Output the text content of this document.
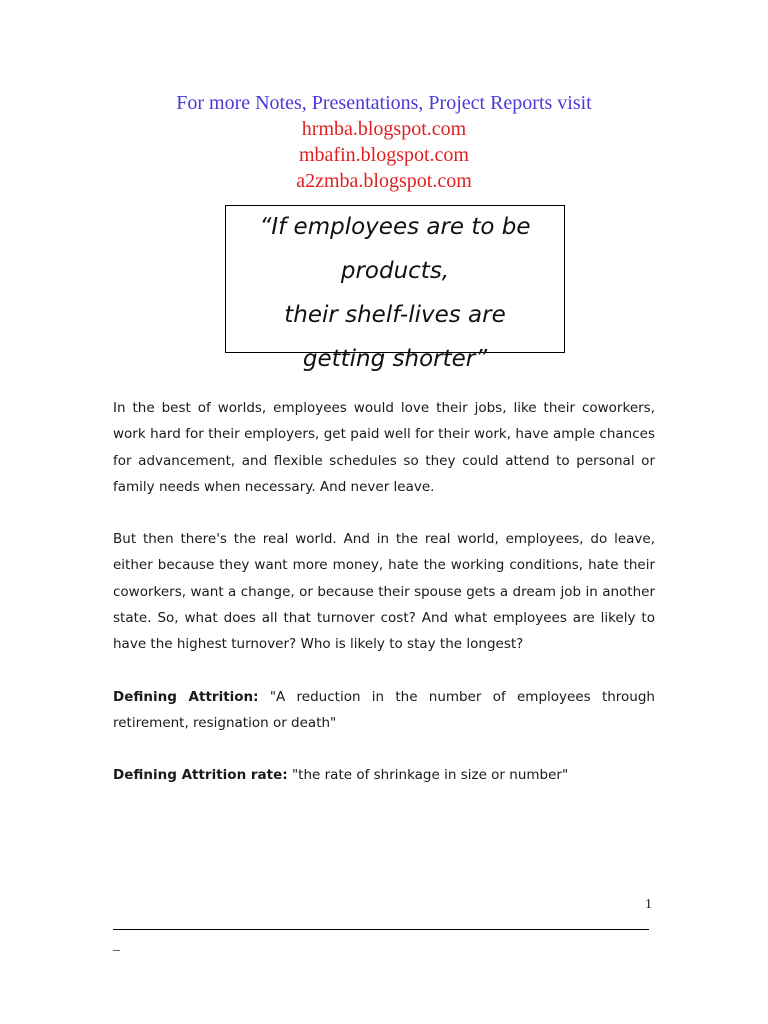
For more Notes, Presentations, Project Reports visit
hrmba.blogspot.com
mbafin.blogspot.com
a2zmba.blogspot.com
“If employees are to be
products,
their shelf-lives are
getting shorter”

In the best of worlds, employees would love their jobs, like their coworkers, work hard for their employers, get paid well for their work, have ample chances for advancement, and flexible schedules so they could attend to personal or family needs when necessary. And never leave.

But then there's the real world. And in the real world, employees, do leave, either because they want more money, hate the working conditions, hate their coworkers, want a change, or because their spouse gets a dream job in another state. So, what does all that turnover cost? And what employees are likely to have the highest turnover? Who is likely to stay the longest?

Defining Attrition: "A reduction in the number of employees through retirement, resignation or death"

Defining Attrition rate: "the rate of shrinkage in size or number"

1
_
